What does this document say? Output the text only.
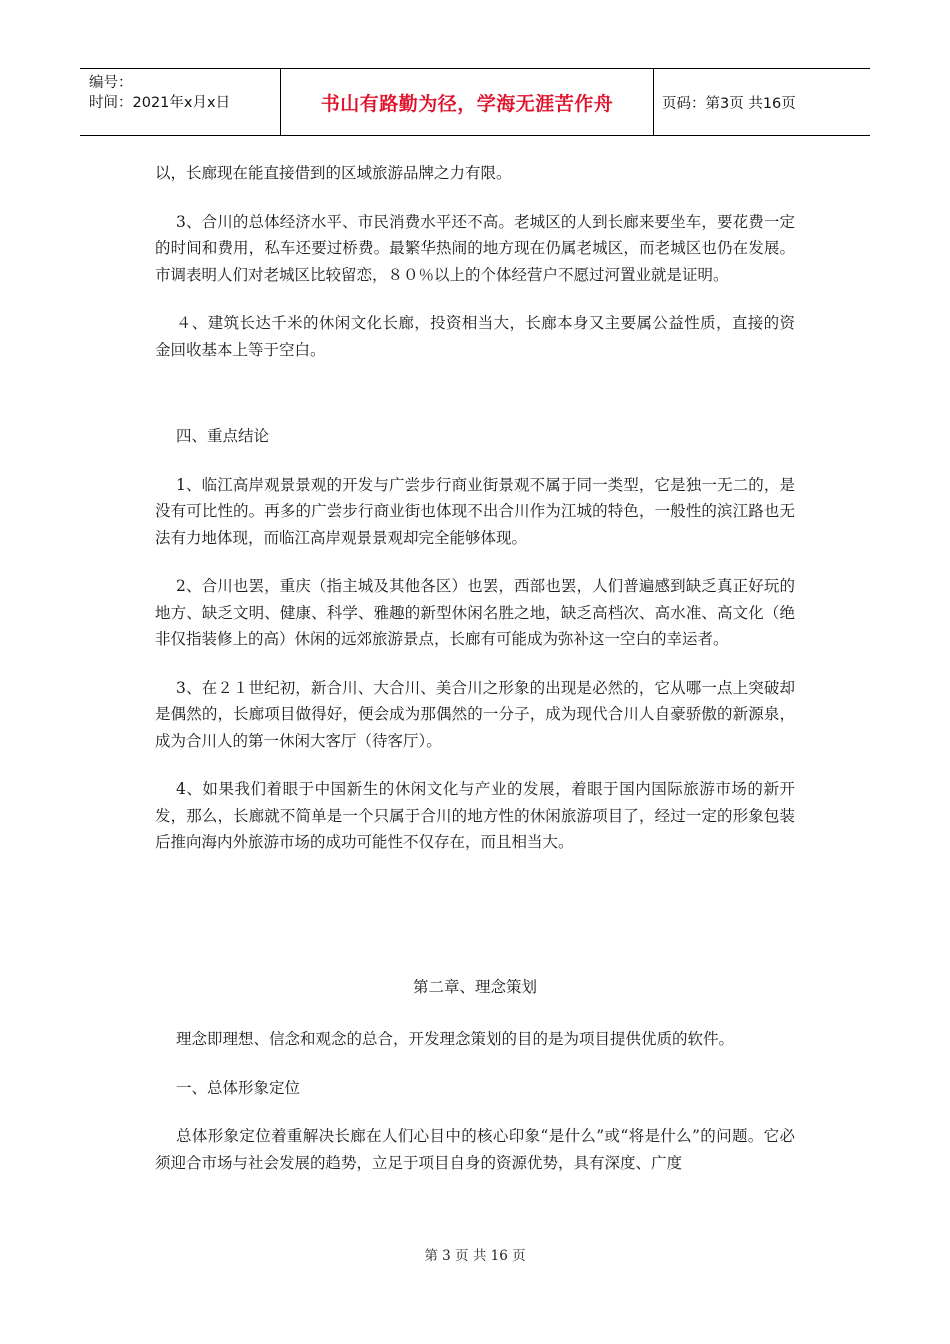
编号：
时间：2021年x月x日	书山有路勤为径，学海无涯苦作舟	页码：第3页 共16页

以，长廊现在能直接借到的区域旅游品牌之力有限。

3、合川的总体经济水平、市民消费水平还不高。老城区的人到长廊来要坐车，要花费一定的时间和费用，私车还要过桥费。最繁华热闹的地方现在仍属老城区，而老城区也仍在发展。市调表明人们对老城区比较留恋，８０％以上的个体经营户不愿过河置业就是证明。

４、建筑长达千米的休闲文化长廊，投资相当大，长廊本身又主要属公益性质，直接的资金回收基本上等于空白。

四、重点结论

1、临江高岸观景景观的开发与广尝步行商业街景观不属于同一类型，它是独一无二的，是没有可比性的。再多的广尝步行商业街也体现不出合川作为江城的特色，一般性的滨江路也无法有力地体现，而临江高岸观景景观却完全能够体现。

2、合川也罢，重庆（指主城及其他各区）也罢，西部也罢，人们普遍感到缺乏真正好玩的地方、缺乏文明、健康、科学、雅趣的新型休闲名胜之地，缺乏高档次、高水准、高文化（绝非仅指装修上的高）休闲的远郊旅游景点，长廊有可能成为弥补这一空白的幸运者。

3、在２１世纪初，新合川、大合川、美合川之形象的出现是必然的，它从哪一点上突破却是偶然的，长廊项目做得好，便会成为那偶然的一分子，成为现代合川人自豪骄傲的新源泉，成为合川人的第一休闲大客厅（待客厅）。

4、如果我们着眼于中国新生的休闲文化与产业的发展，着眼于国内国际旅游市场的新开发，那么，长廊就不简单是一个只属于合川的地方性的休闲旅游项目了，经过一定的形象包装后推向海内外旅游市场的成功可能性不仅存在，而且相当大。

第二章、理念策划

理念即理想、信念和观念的总合，开发理念策划的目的是为项目提供优质的软件。

一、总体形象定位

总体形象定位着重解决长廊在人们心目中的核心印象“是什么”或“将是什么”的问题。它必须迎合市场与社会发展的趋势，立足于项目自身的资源优势，具有深度、广度

第 3 页 共 16 页
